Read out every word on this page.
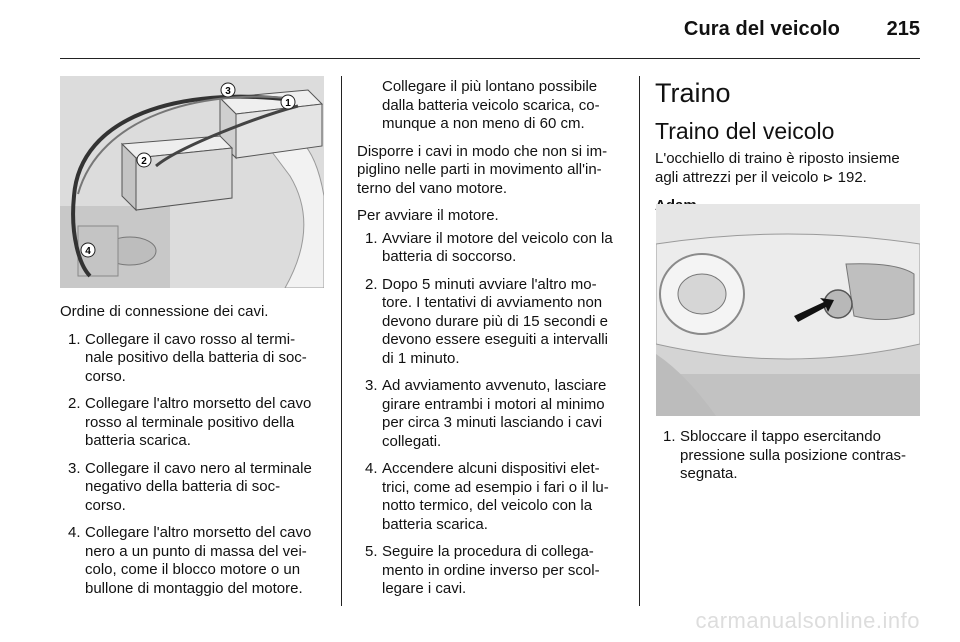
Cura del veicolo 215
1
2
3
4

Ordine di connessione dei cavi.

1. Collegare il cavo rosso al termi- nale positivo della batteria di soc- corso.
2. Collegare l'altro morsetto del cavo rosso al terminale positivo della batteria scarica.
3. Collegare il cavo nero al terminale negativo della batteria di soc- corso.
4. Collegare l'altro morsetto del cavo nero a un punto di massa del vei- colo, come il blocco motore o un bullone di montaggio del motore.
Collegare il più lontano possibile dalla batteria veicolo scarica, co- munque a non meno di 60 cm.

Disporre i cavi in modo che non si im- piglino nelle parti in movimento all'in- terno del vano motore.

Per avviare il motore.

1. Avviare il motore del veicolo con la batteria di soccorso.
2. Dopo 5 minuti avviare l'altro mo- tore. I tentativi di avviamento non devono durare più di 15 secondi e devono essere eseguiti a intervalli di 1 minuto.
3. Ad avviamento avvenuto, lasciare girare entrambi i motori al minimo per circa 3 minuti lasciando i cavi collegati.
4. Accendere alcuni dispositivi elet- trici, come ad esempio i fari o il lu- notto termico, del veicolo con la batteria scarica.
5. Seguire la procedura di collega- mento in ordine inverso per scol- legare i cavi.
Traino
Traino del veicolo

L'occhiello di traino è riposto insieme agli attrezzi per il veicolo ⊳ 192.

1. Sbloccare il tappo esercitando pressione sulla posizione contras- segnata.
carmanualsonline.info
